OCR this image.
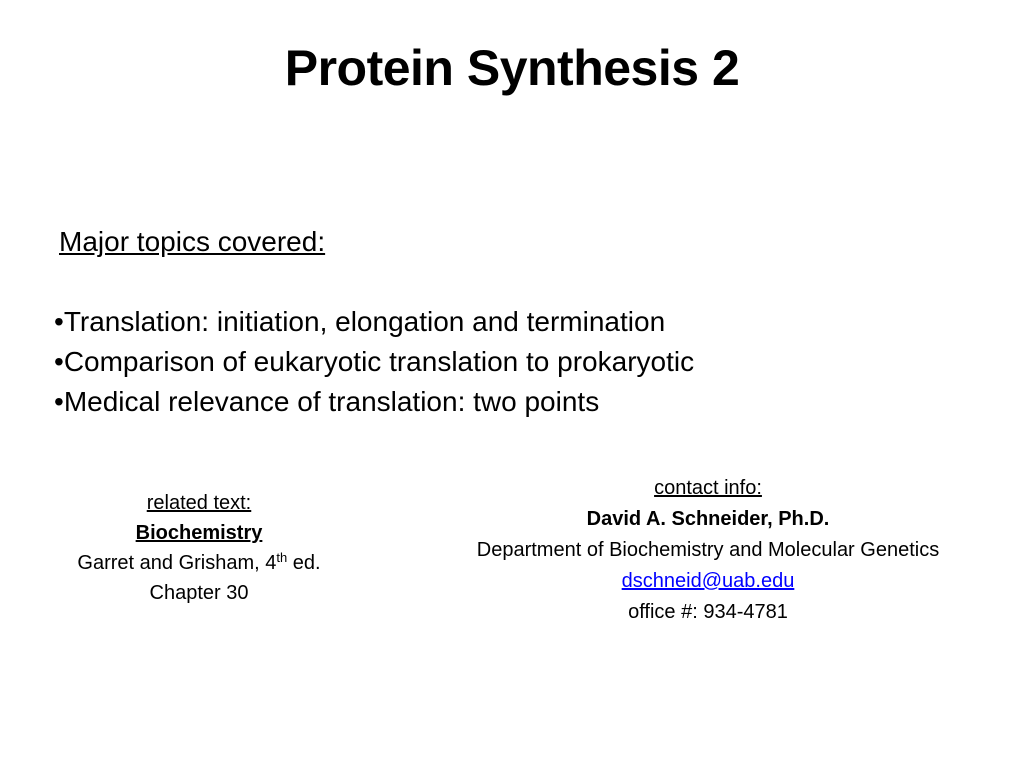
Protein Synthesis 2

Major topics covered:

•Translation: initiation, elongation and termination
•Comparison of eukaryotic translation to prokaryotic
•Medical relevance of translation: two points
related text:
Biochemistry
Garret and Grisham, 4th ed.
Chapter 30
contact info:
David A. Schneider, Ph.D.
Department of Biochemistry and Molecular Genetics
dschneid@uab.edu
office #: 934-4781
